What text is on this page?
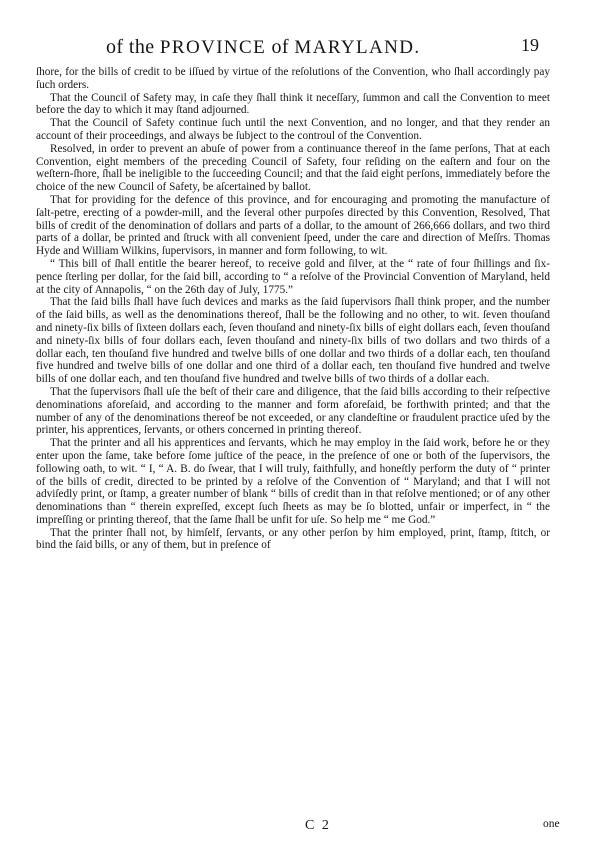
of the PROVINCE of MARYLAND.	19

ſhore, for the bills of credit to be iſſued by virtue of the reſolutions of the Convention, who ſhall accordingly pay ſuch orders.

That the Council of Safety may, in caſe they ſhall think it neceſſary, ſummon and call the Convention to meet before the day to which it may ſtand adjourned.

That the Council of Safety continue ſuch until the next Convention, and no longer, and that they render an account of their proceedings, and always be ſubject to the controul of the Convention.

Resolved, in order to prevent an abuſe of power from a continuance thereof in the ſame perſons, That at each Convention, eight members of the preceding Council of Safety, four reſiding on the eaſtern and four on the weſtern-ſhore, ſhall be ineligible to the ſucceeding Council; and that the ſaid eight perſons, immediately before the choice of the new Council of Safety, be aſcertained by ballot.

That for providing for the defence of this province, and for encouraging and promoting the manufacture of ſalt-petre, erecting of a powder-mill, and the ſeveral other purpoſes directed by this Convention, Resolved, That bills of credit of the denomination of dollars and parts of a dollar, to the amount of 266,666 dollars, and two third parts of a dollar, be printed and ſtruck with all convenient ſpeed, under the care and direction of Meſſrs. Thomas Hyde and William Wilkins, ſupervisors, in manner and form following, to wit.

“ This bill of ſhall entitle the bearer hereof, to receive gold and ſilver, at the “ rate of four ſhillings and ſix-pence ſterling per dollar, for the ſaid bill, according to “ a reſolve of the Provincial Convention of Maryland, held at the city of Annapolis, “ on the 26th day of July, 1775.”

That the ſaid bills ſhall have ſuch devices and marks as the ſaid ſupervisors ſhall think proper, and the number of the ſaid bills, as well as the denominations thereof, ſhall be the following and no other, to wit. ſeven thouſand and ninety-ſix bills of ſixteen dollars each, ſeven thouſand and ninety-ſix bills of eight dollars each, ſeven thouſand and ninety-ſix bills of four dollars each, ſeven thouſand and ninety-ſix bills of two dollars and two thirds of a dollar each, ten thouſand five hundred and twelve bills of one dollar and two thirds of a dollar each, ten thouſand five hundred and twelve bills of one dollar and one third of a dollar each, ten thouſand five hundred and twelve bills of one dollar each, and ten thouſand five hundred and twelve bills of two thirds of a dollar each.

That the ſupervisors ſhall uſe the beſt of their care and diligence, that the ſaid bills according to their reſpective denominations aforeſaid, and according to the manner and form aforeſaid, be forthwith printed; and that the number of any of the denominations thereof be not exceeded, or any clandeſtine or fraudulent practice uſed by the printer, his apprentices, ſervants, or others concerned in printing thereof.

That the printer and all his apprentices and ſervants, which he may employ in the ſaid work, before he or they enter upon the ſame, take before ſome juſtice of the peace, in the preſence of one or both of the ſupervisors, the following oath, to wit. “ I, “ A. B. do ſwear, that I will truly, faithfully, and honeſtly perform the duty of “ printer of the bills of credit, directed to be printed by a reſolve of the Convention of “ Maryland; and that I will not adviſedly print, or ſtamp, a greater number of blank “ bills of credit than in that reſolve mentioned; or of any other denominations than “ therein expreſſed, except ſuch ſheets as may be ſo blotted, unfair or imperfect, in “ the impreſſing or printing thereof, that the ſame ſhall be unfit for uſe. So help me “ me God.”

That the printer ſhall not, by himſelf, ſervants, or any other perſon by him employed, print, ſtamp, ſtitch, or bind the ſaid bills, or any of them, but in preſence of

C 2	one
